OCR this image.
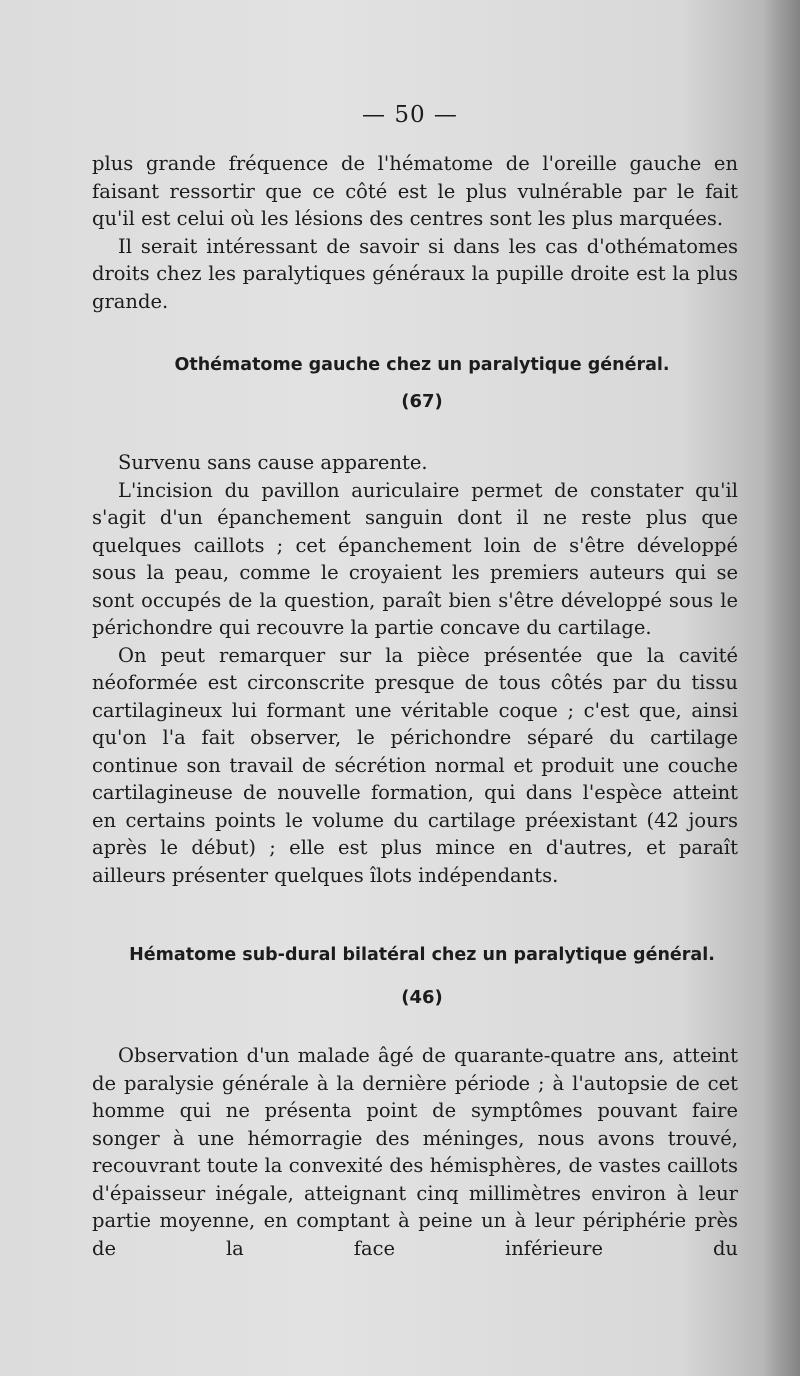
— 50 —

plus grande fréquence de l'hématome de l'oreille gauche en faisant ressortir que ce côté est le plus vulnérable par le fait qu'il est celui où les lésions des centres sont les plus marquées.

Il serait intéressant de savoir si dans les cas d'othématomes droits chez les paralytiques généraux la pupille droite est la plus grande.

Othématome gauche chez un paralytique général.
(67)

Survenu sans cause apparente.

L'incision du pavillon auriculaire permet de constater qu'il s'agit d'un épanchement sanguin dont il ne reste plus que quelques caillots ; cet épanchement loin de s'être développé sous la peau, comme le croyaient les premiers auteurs qui se sont occupés de la question, paraît bien s'être développé sous le périchondre qui recouvre la partie concave du cartilage.

On peut remarquer sur la pièce présentée que la cavité néoformée est circonscrite presque de tous côtés par du tissu cartilagineux lui formant une véritable coque ; c'est que, ainsi qu'on l'a fait observer, le périchondre séparé du cartilage continue son travail de sécrétion normal et produit une couche cartilagineuse de nouvelle formation, qui dans l'espèce atteint en certains points le volume du cartilage préexistant (42 jours après le début) ; elle est plus mince en d'autres, et paraît ailleurs présenter quelques îlots indépendants.

Hématome sub-dural bilatéral chez un paralytique général.
(46)

Observation d'un malade âgé de quarante-quatre ans, atteint de paralysie générale à la dernière période ; à l'autopsie de cet homme qui ne présenta point de symptômes pouvant faire songer à une hémorragie des méninges, nous avons trouvé, recouvrant toute la convexité des hémisphères, de vastes caillots d'épaisseur inégale, atteignant cinq millimètres environ à leur partie moyenne, en comptant à peine un à leur périphérie près de la face inférieure du
